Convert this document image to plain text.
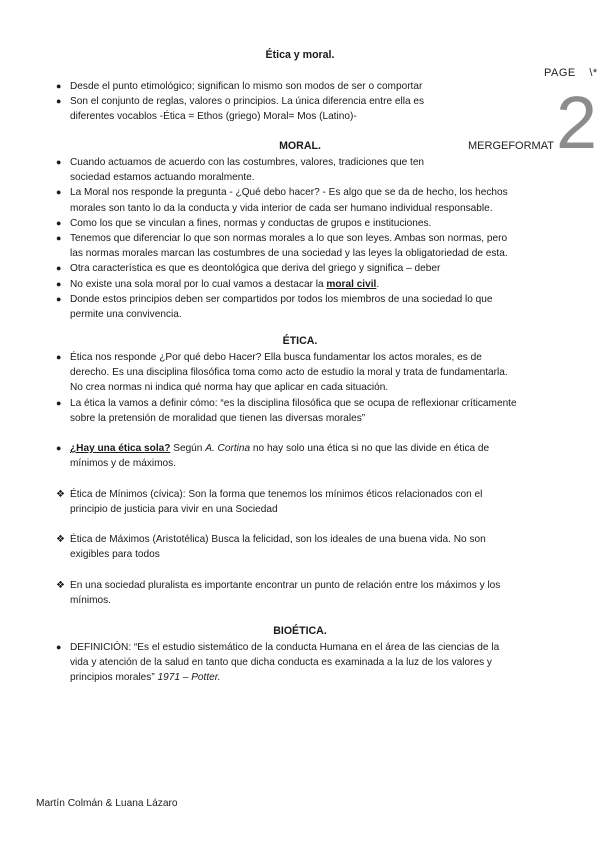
Ética y moral.
PAGE \*
2
MERGEFORMAT
● Desde el punto etimológico; significan lo mismo son modos de ser o comportar
● Son el conjunto de reglas, valores o principios. La única diferencia entre ella es
diferentes vocablos -Ética = Ethos (griego) Moral= Mos (Latino)-
MORAL.
● Cuando actuamos de acuerdo con las costumbres, valores, tradiciones que ten
sociedad estamos actuando moralmente.
● La Moral nos responde la pregunta - ¿Qué debo hacer? - Es algo que se da de hecho, los hechos
morales son tanto lo da la conducta y vida interior de cada ser humano individual responsable.
● Como los que se vinculan a fines, normas y conductas de grupos e instituciones.
● Tenemos que diferenciar lo que son normas morales a lo que son leyes. Ambas son normas, pero
las normas morales marcan las costumbres de una sociedad y las leyes la obligatoriedad de esta.
● Otra característica es que es deontológica que deriva del griego y significa – deber
● No existe una sola moral por lo cual vamos a destacar la moral civil.
● Donde estos principios deben ser compartidos por todos los miembros de una sociedad lo que
permite una convivencia.
ÉTICA.
● Ética nos responde ¿Por qué debo Hacer? Ella busca fundamentar los actos morales, es de
derecho. Es una disciplina filosófica toma como acto de estudio la moral y trata de fundamentarla.
No crea normas ni indica qué norma hay que aplicar en cada situación.
● La ética la vamos a definir cómo: “es la disciplina filosófica que se ocupa de reflexionar críticamente
sobre la pretensión de moralidad que tienen las diversas morales”
● ¿Hay una ética sola? Según A. Cortina no hay solo una ética si no que las divide en ética de
mínimos y de máximos.
❖ Ética de Mínimos (cívica): Son la forma que tenemos los mínimos éticos relacionados con el
principio de justicia para vivir en una Sociedad
❖ Ética de Máximos (Aristotélica) Busca la felicidad, son los ideales de una buena vida. No son
exigibles para todos
❖ En una sociedad pluralista es importante encontrar un punto de relación entre los máximos y los
mínimos.
BIOÉTICA.
● DEFINICIÓN: “Es el estudio sistemático de la conducta Humana en el área de las ciencias de la
vida y atención de la salud en tanto que dicha conducta es examinada a la luz de los valores y
principios morales” 1971 – Potter.
Martín Colmán & Luana Lázaro
